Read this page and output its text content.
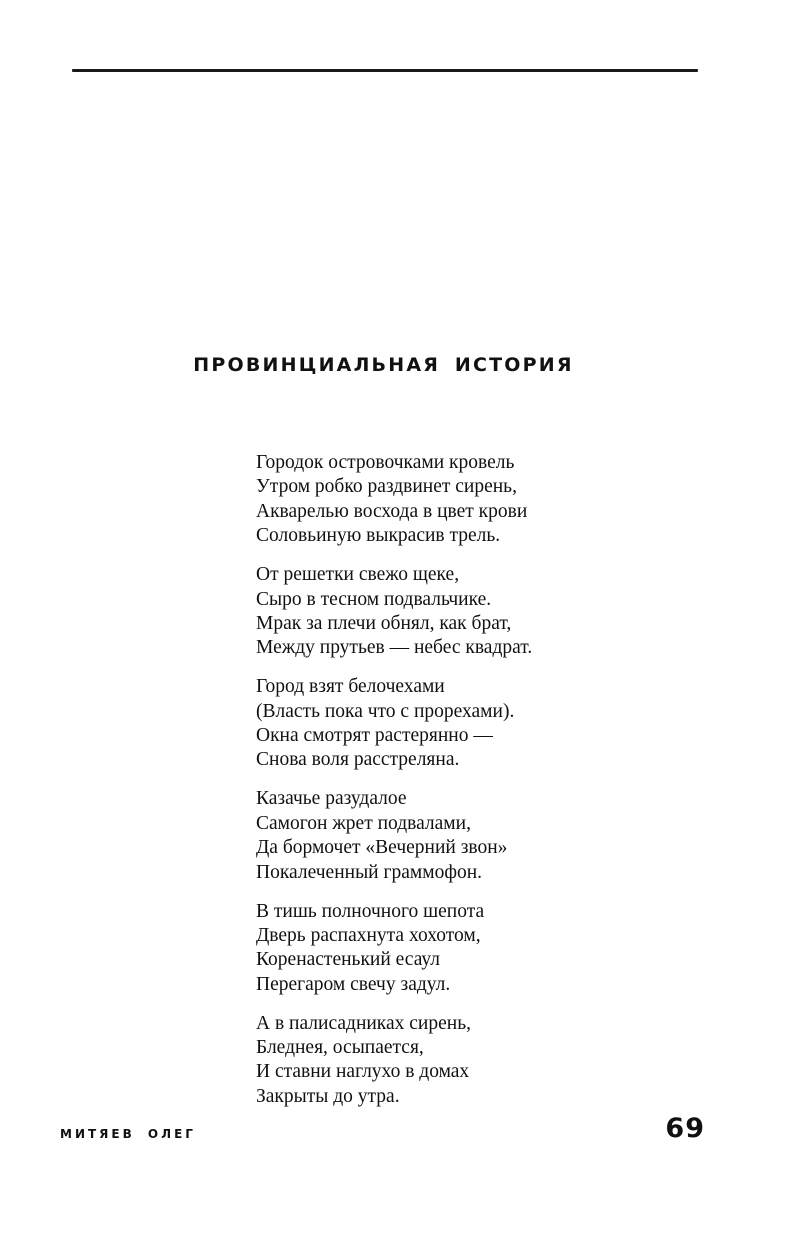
ПРОВИНЦИАЛЬНАЯ ИСТОРИЯ

Городок островочками кровель
Утром робко раздвинет сирень,
Акварелью восхода в цвет крови
Соловьиную выкрасив трель.

От решетки свежо щеке,
Сыро в тесном подвальчике.
Мрак за плечи обнял, как брат,
Между прутьев — небес квадрат.

Город взят белочехами
(Власть пока что с прорехами).
Окна смотрят растерянно —
Снова воля расстреляна.

Казачье разудалое
Самогон жрет подвалами,
Да бормочет «Вечерний звон»
Покалеченный граммофон.

В тишь полночного шепота
Дверь распахнута хохотом,
Коренастенький есаул
Перегаром свечу задул.

А в палисадниках сирень,
Бледнея, осыпается,
И ставни наглухо в домах
Закрыты до утра.

МИТЯЕВ ОЛЕГ	69
